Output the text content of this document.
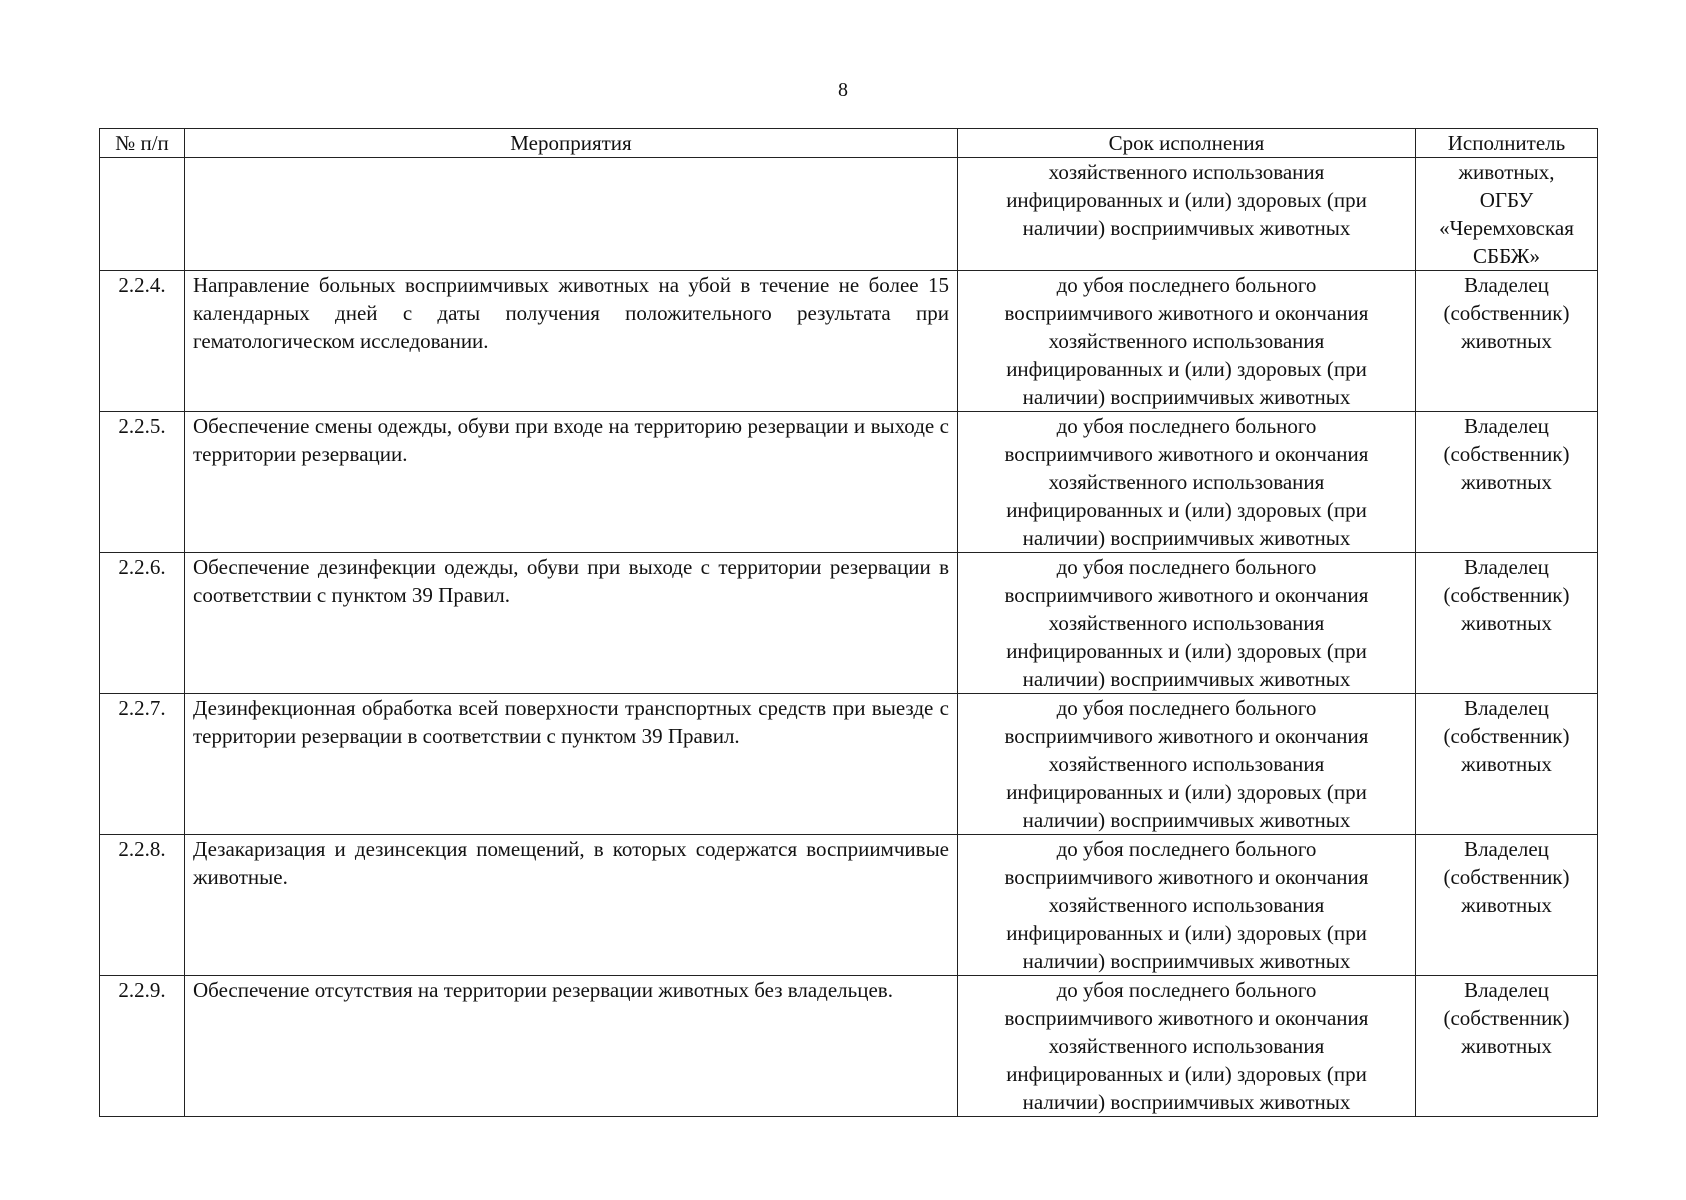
8
№ п/п	Мероприятия	Срок исполнения	Исполнитель

		хозяйственного использования
инфицированных и (или) здоровых (при
наличии) восприимчивых животных	животных,
ОГБУ
«Черемховская
СББЖ»

2.2.4.	Направление больных восприимчивых животных на убой в течение не более 15 календарных дней с даты получения положительного результата при гематологическом исследовании.	до убоя последнего больного
восприимчивого животного и окончания
хозяйственного использования
инфицированных и (или) здоровых (при
наличии) восприимчивых животных	Владелец
(собственник)
животных

2.2.5.	Обеспечение смены одежды, обуви при входе на территорию резервации и выходе с территории резервации.	до убоя последнего больного
восприимчивого животного и окончания
хозяйственного использования
инфицированных и (или) здоровых (при
наличии) восприимчивых животных	Владелец
(собственник)
животных

2.2.6.	Обеспечение дезинфекции одежды, обуви при выходе с территории резервации в соответствии с пунктом 39 Правил.	до убоя последнего больного
восприимчивого животного и окончания
хозяйственного использования
инфицированных и (или) здоровых (при
наличии) восприимчивых животных	Владелец
(собственник)
животных

2.2.7.	Дезинфекционная обработка всей поверхности транспортных средств при выезде с территории резервации в соответствии с пунктом 39 Правил.	до убоя последнего больного
восприимчивого животного и окончания
хозяйственного использования
инфицированных и (или) здоровых (при
наличии) восприимчивых животных	Владелец
(собственник)
животных

2.2.8.	Дезакаризация и дезинсекция помещений, в которых содержатся восприимчивые животные.	до убоя последнего больного
восприимчивого животного и окончания
хозяйственного использования
инфицированных и (или) здоровых (при
наличии) восприимчивых животных	Владелец
(собственник)
животных

2.2.9.	Обеспечение отсутствия на территории резервации животных без владельцев.	до убоя последнего больного
восприимчивого животного и окончания
хозяйственного использования
инфицированных и (или) здоровых (при
наличии) восприимчивых животных	Владелец
(собственник)
животных
